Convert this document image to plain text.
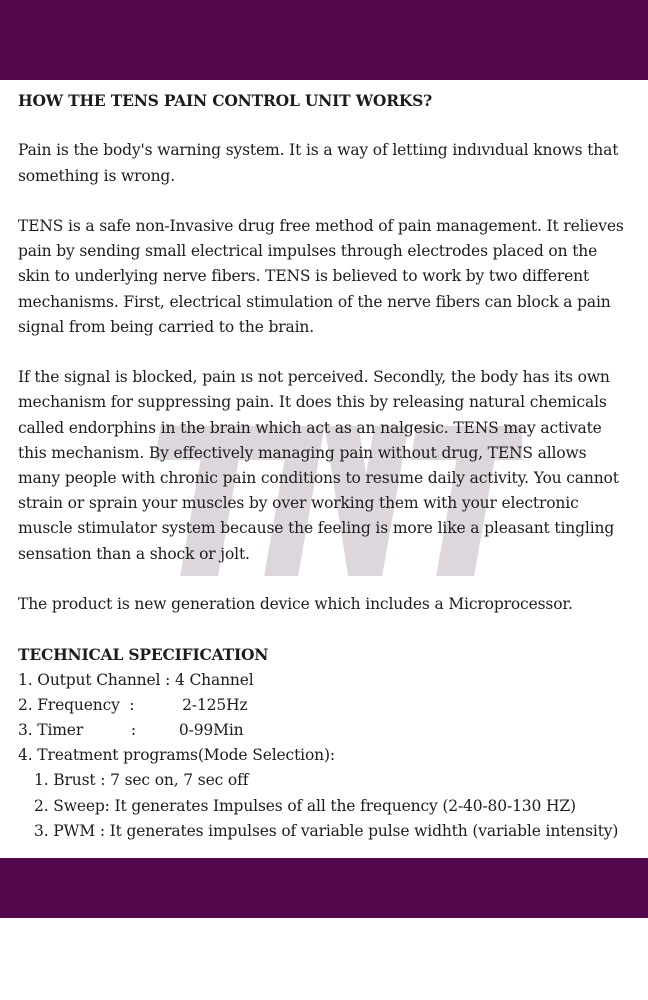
HOW THE TENS PAIN CONTROL UNIT WORKS?

Pain is the body's warning system. It is a way of lettiıng indıvıdual knows that something is wrong.

TENS is a safe non-Invasive drug free method of pain management. It relieves pain by sending small electrical impulses through electrodes placed on the skin to underlying nerve fibers. TENS is believed to work by two different mechanisms. First, electrical stimulation of the nerve fibers can block a pain signal from being carried to the brain.

If the signal is blocked, pain ıs not perceived. Secondly, the body has its own mechanism for suppressing pain. It does this by releasing natural chemicals called endorphins in the brain which act as an nalgesic. TENS may activate this mechanism. By effectively managing pain without drug, TENS allows many people with chronic pain conditions to resume daily activity. You cannot strain or sprain your muscles by over working them with your electronic muscle stimulator system because the feeling is more like a pleasant tingling sensation than a shock or jolt.

The product is new generation device which includes a Microprocessor.

TECHNICAL SPECIFICATION

1. Output Channel : 4 Channel

2. Frequency  :          2-125Hz

3. Timer          :         0-99Min

4. Treatment programs(Mode Selection):

1. Brust : 7 sec on, 7 sec off

2. Sweep: It generates Impulses of all the frequency (2-40-80-130 HZ)

3. PWM : It generates impulses of variable pulse widhth (variable intensity)
